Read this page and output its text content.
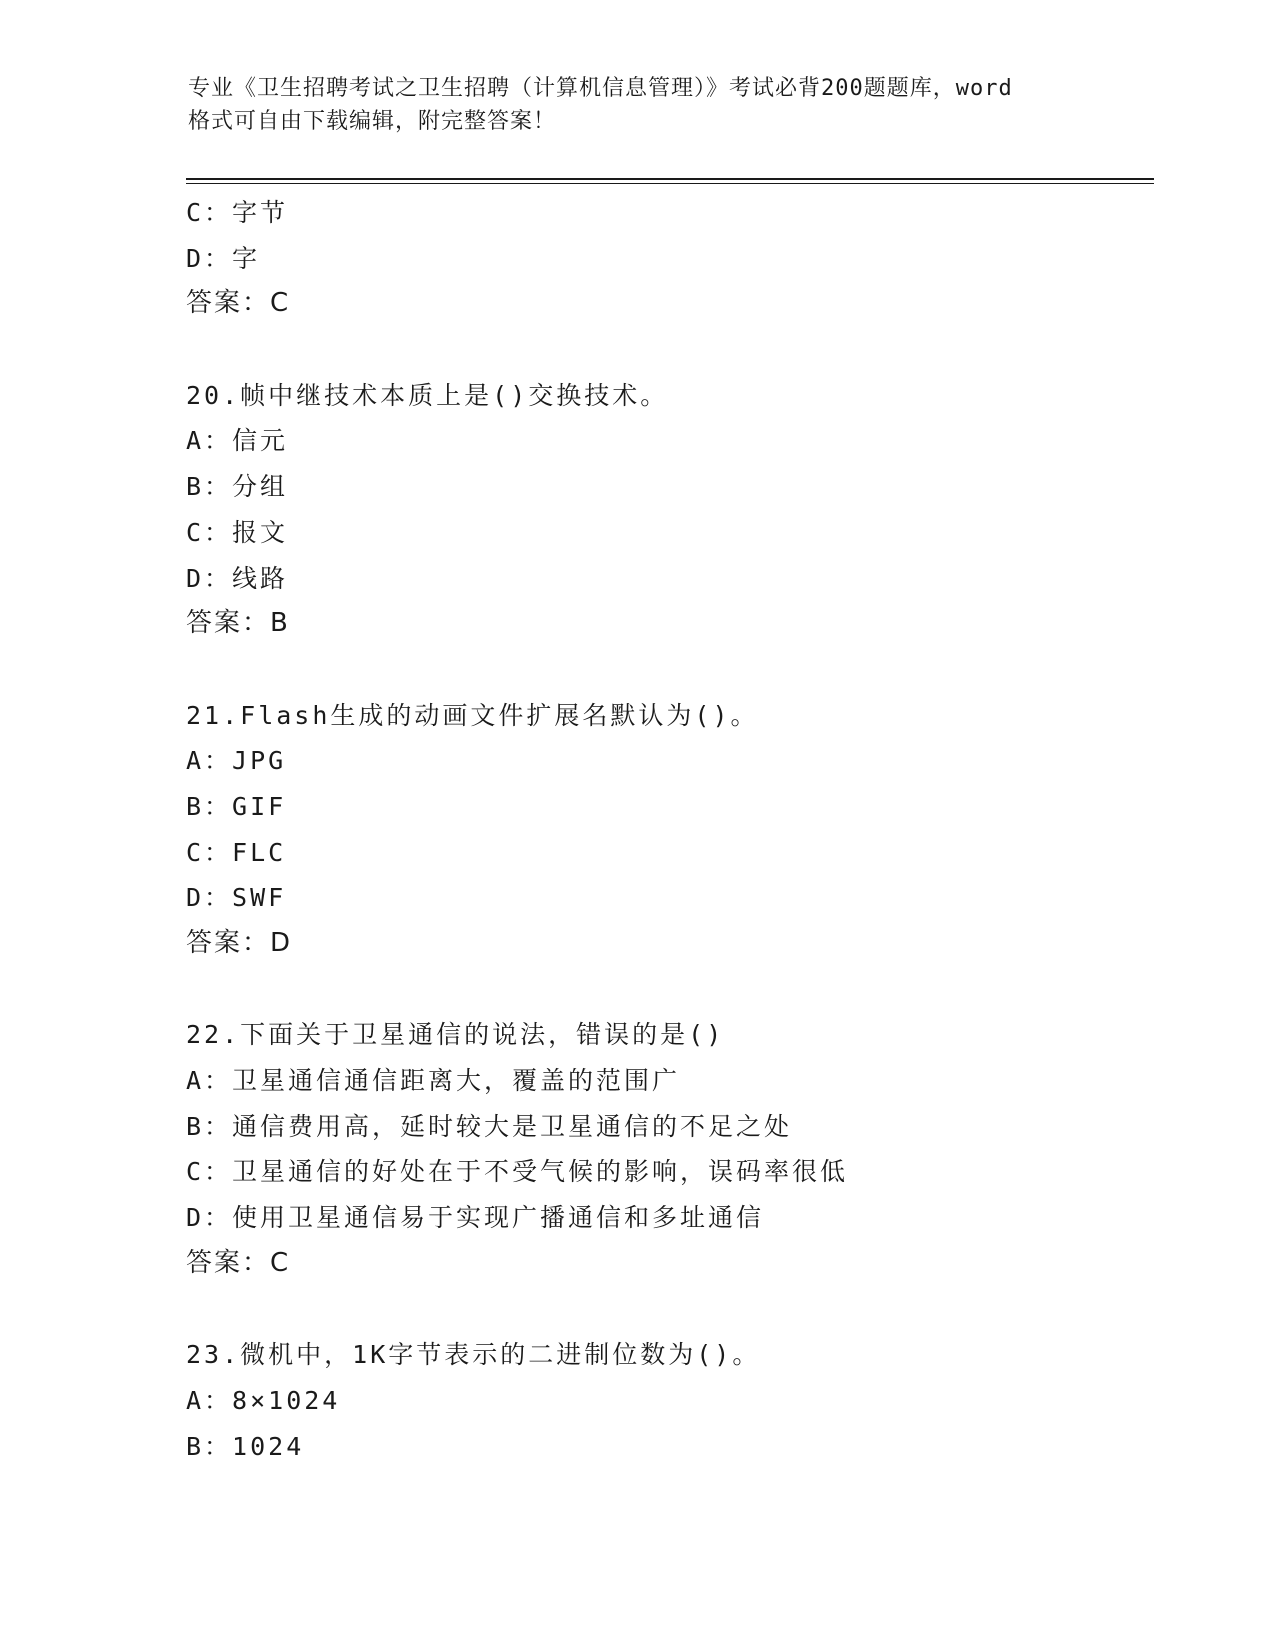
专业《卫生招聘考试之卫生招聘（计算机信息管理）》考试必背200题题库，word
格式可自由下载编辑，附完整答案！
C：字节
D：字
答案：C
20.帧中继技术本质上是()交换技术。
A：信元
B：分组
C：报文
D：线路
答案：B
21.Flash生成的动画文件扩展名默认为()。
A：JPG
B：GIF
C：FLC
D：SWF
答案：D
22.下面关于卫星通信的说法，错误的是()
A：卫星通信通信距离大，覆盖的范围广
B：通信费用高，延时较大是卫星通信的不足之处
C：卫星通信的好处在于不受气候的影响，误码率很低
D：使用卫星通信易于实现广播通信和多址通信
答案：C
23.微机中，1K字节表示的二进制位数为()。
A：8×1024
B：1024
